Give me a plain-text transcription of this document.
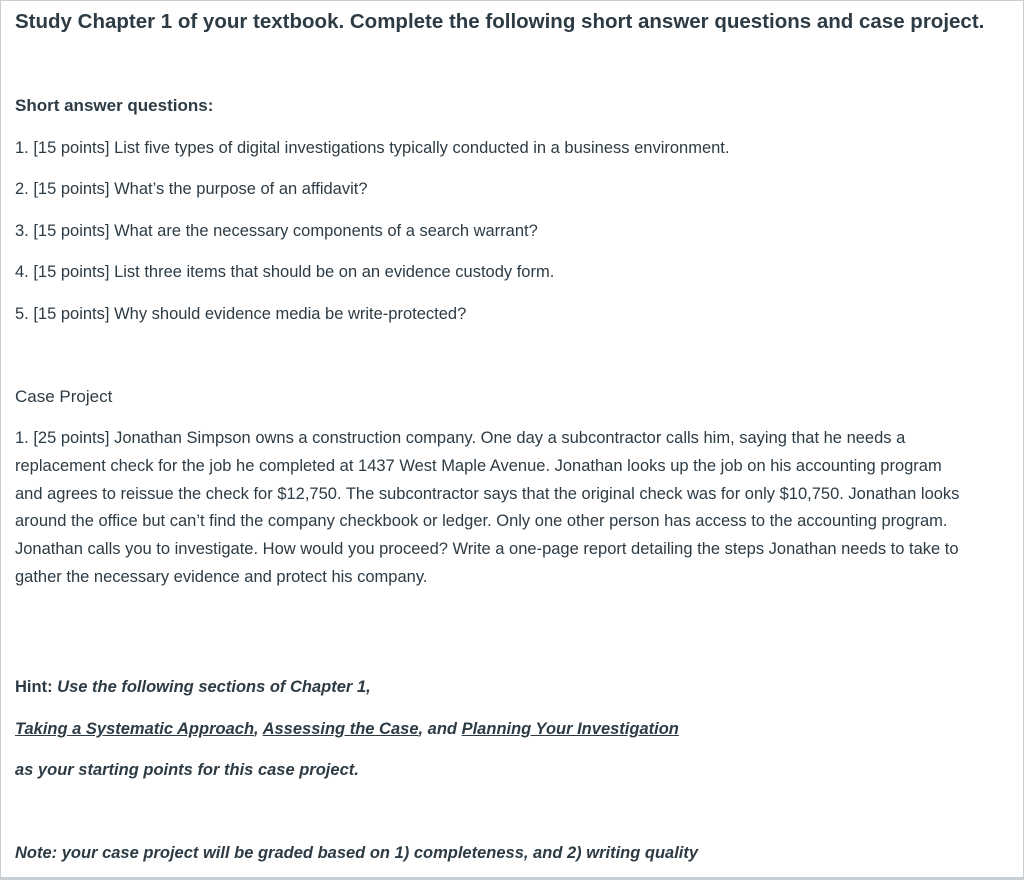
Study Chapter 1 of your textbook. Complete the following short answer questions and case project.

Short answer questions:

1. [15 points] List five types of digital investigations typically conducted in a business environment.

2. [15 points] What’s the purpose of an affidavit?

3. [15 points] What are the necessary components of a search warrant?

4. [15 points] List three items that should be on an evidence custody form.

5. [15 points] Why should evidence media be write-protected?

Case Project

1. [25 points] Jonathan Simpson owns a construction company. One day a subcontractor calls him, saying that he needs a replacement check for the job he completed at 1437 West Maple Avenue. Jonathan looks up the job on his accounting program and agrees to reissue the check for $12,750. The subcontractor says that the original check was for only $10,750. Jonathan looks around the office but can’t find the company checkbook or ledger. Only one other person has access to the accounting program. Jonathan calls you to investigate. How would you proceed? Write a one-page report detailing the steps Jonathan needs to take to gather the necessary evidence and protect his company.

Hint: Use the following sections of Chapter 1,

Taking a Systematic Approach, Assessing the Case, and Planning Your Investigation

as your starting points for this case project.

Note: your case project will be graded based on 1) completeness, and 2) writing quality
